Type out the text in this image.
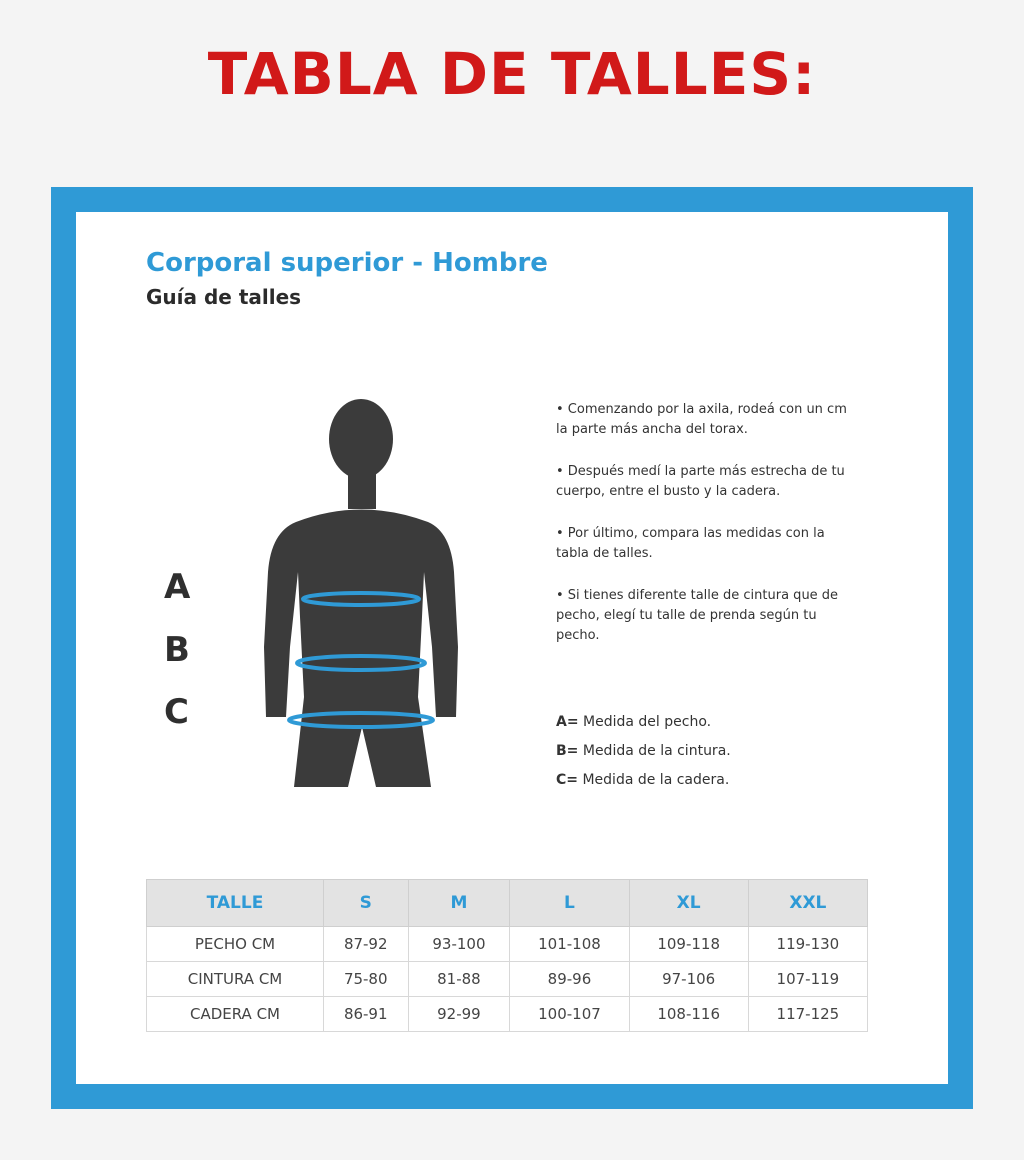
TABLA DE TALLES:
Corporal superior - Hombre
Guía de talles
A
B
C

• Comenzando por la axila, rodeá con un cm la parte más ancha del torax.

• Después medí la parte más estrecha de tu cuerpo, entre el busto y la cadera.

• Por último, compara las medidas con la tabla de talles.

• Si tienes diferente talle de cintura que de pecho, elegí tu talle de prenda según tu pecho.

A= Medida del pecho.
B= Medida de la cintura.
C= Medida de la cadera.
TALLE	S	M	L	XL	XXL
PECHO CM	87-92	93-100	101-108	109-118	119-130
CINTURA CM	75-80	81-88	89-96	97-106	107-119
CADERA CM	86-91	92-99	100-107	108-116	117-125
